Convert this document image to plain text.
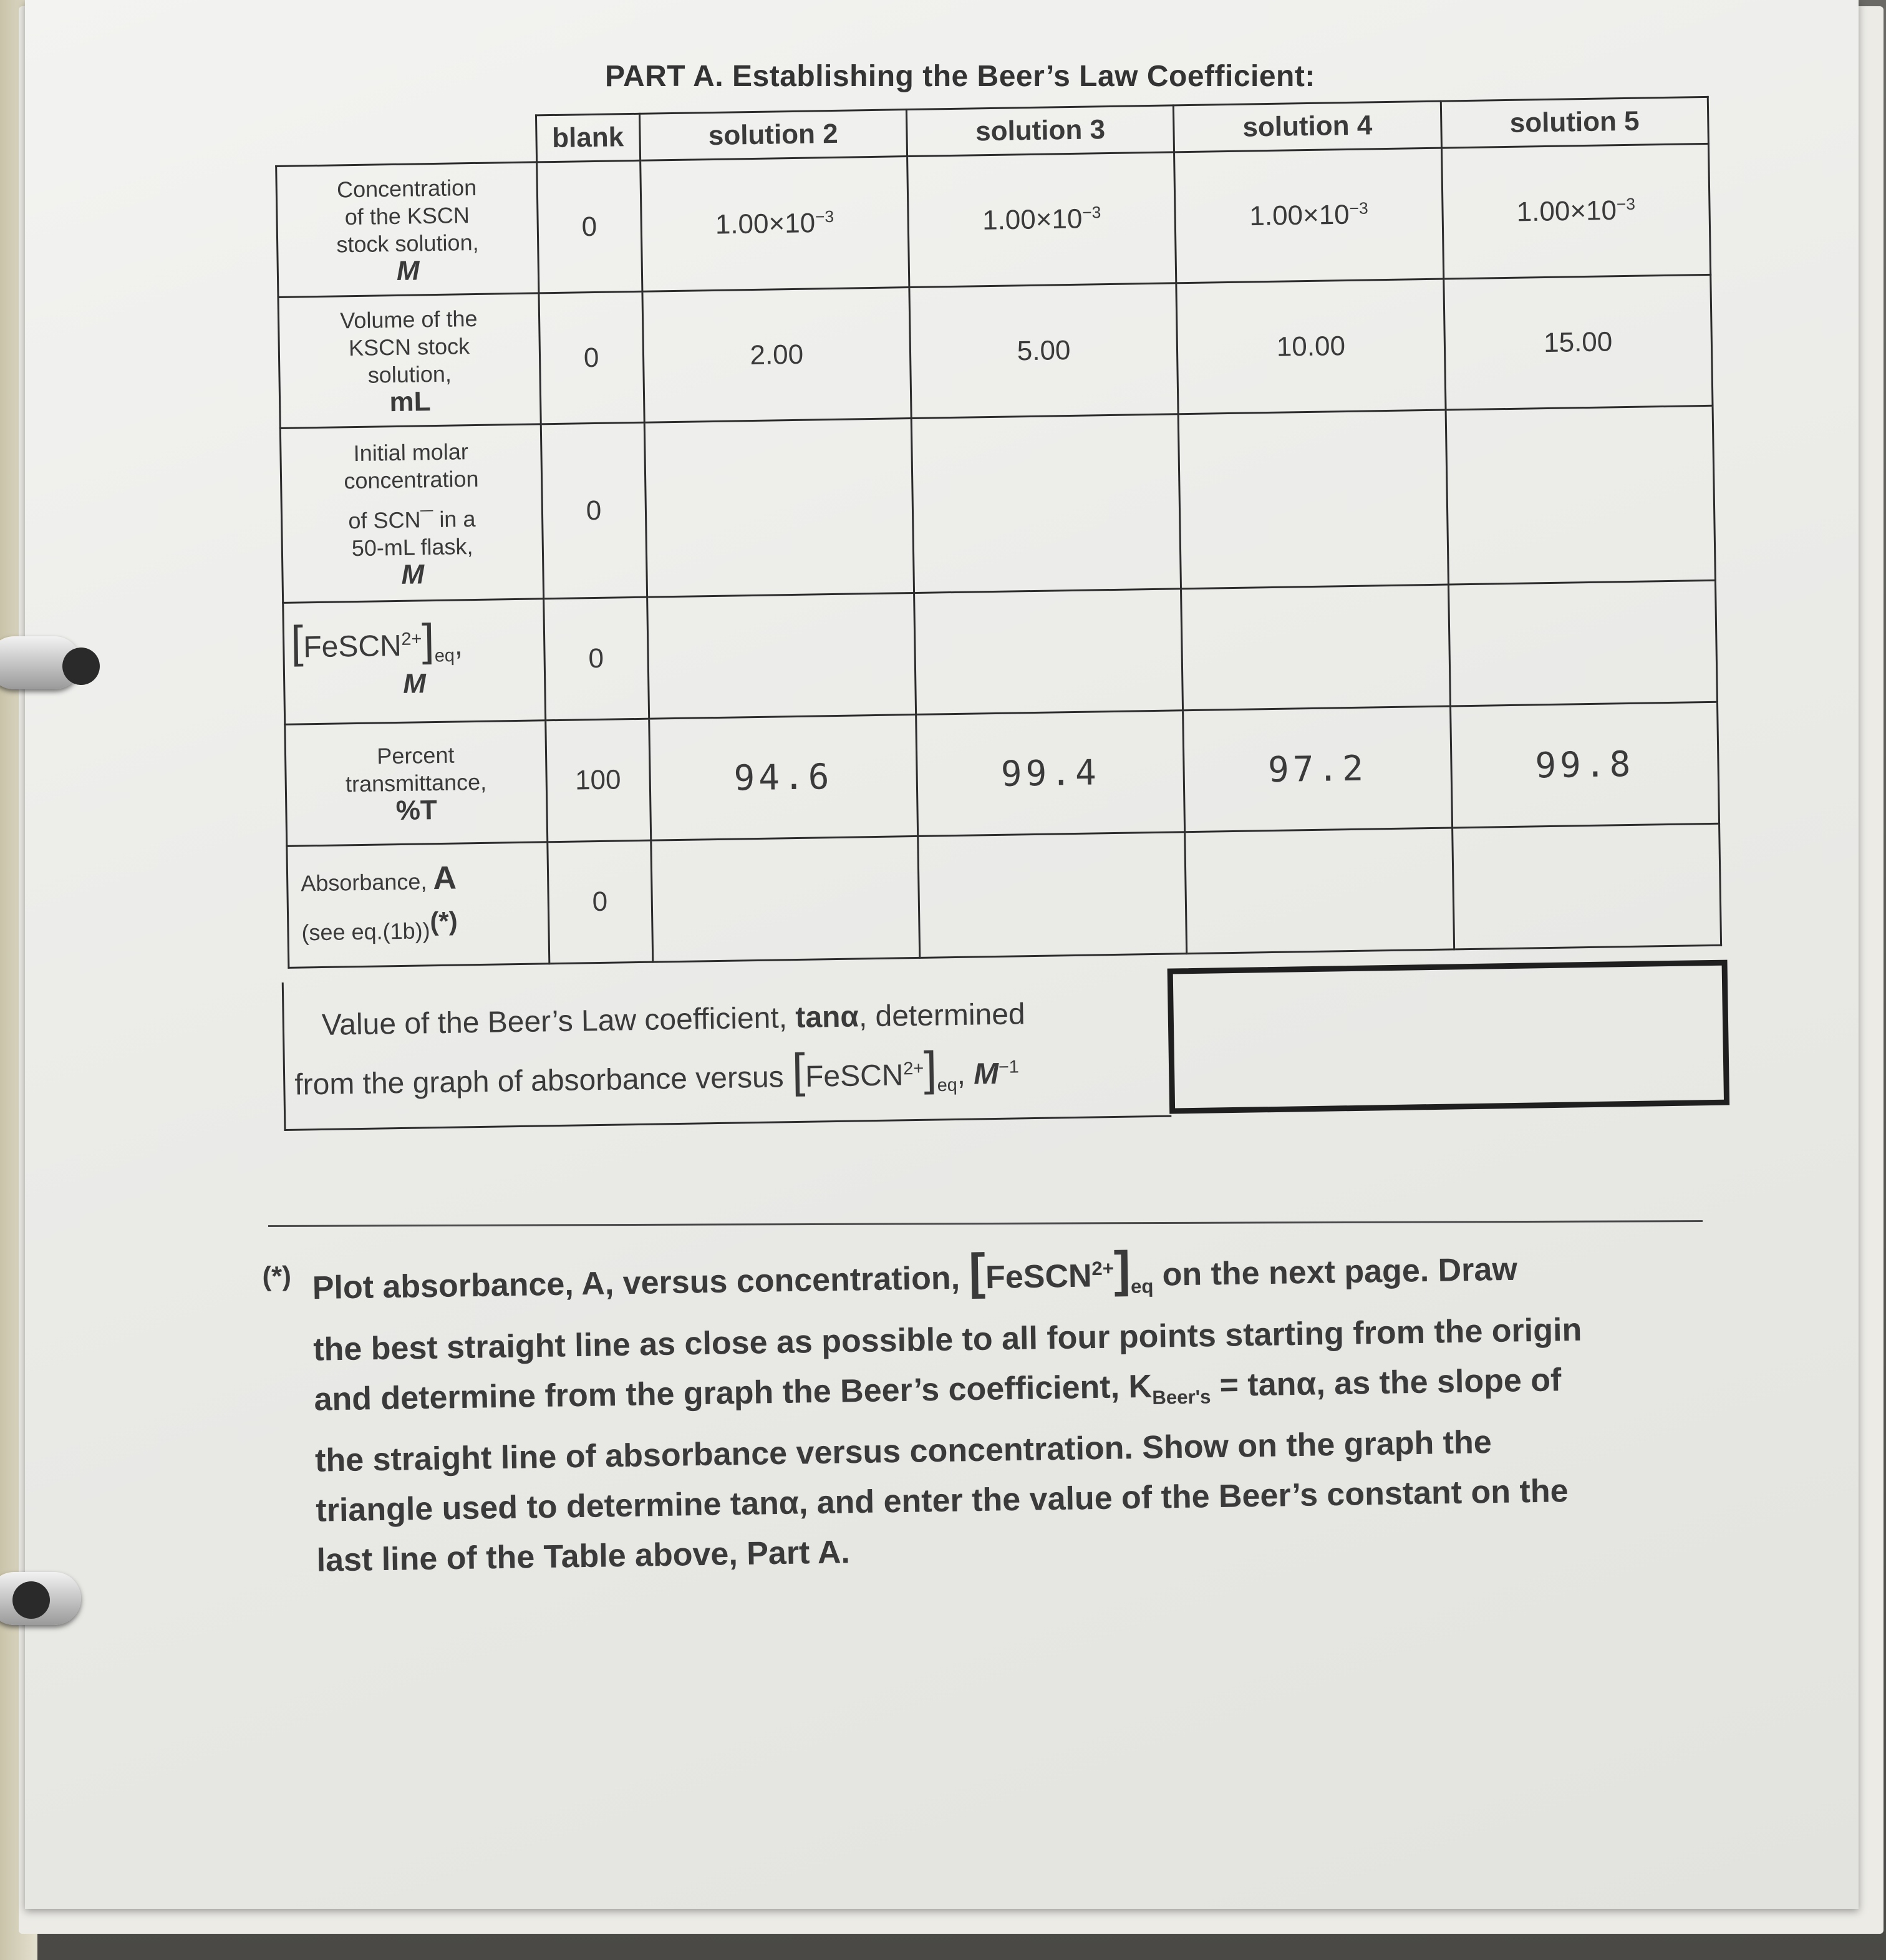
PART A. Establishing the Beer’s Law Coefficient:
	blank	solution 2	solution 3	solution 4	solution 5

Concentration
of the KSCN
stock solution,
M	0	$1.00\times 10^{-3}$	$1.00\times 10^{-3}$	$1.00\times 10^{-3}$	$1.00\times 10^{-3}$

Volume of the
KSCN stock
solution,
mL	0	2.00	5.00	10.00	15.00

Initial molar
concentration
of SCN¯ in a
50-mL flask,
M	0				

$[FeSCN^{2+}]_{eq}$,
M	0				

Percent
transmittance,
%T	100	94.6	99.4	97.2	99.8

Absorbance, A
(see eq.(1b))(*)	0				
Value of the Beer’s Law coefficient, tanα, determined
from the graph of absorbance versus $[FeSCN^{2+}]_{eq}$, $M^{-1}$
(*) Plot absorbance, A, versus concentration, $[FeSCN^{2+}]_{eq}$ on the next page. Draw
the best straight line as close as possible to all four points starting from the origin
and determine from the graph the Beer’s coefficient, $K_{Beer's} = \tan\alpha$, as the slope of
the straight line of absorbance versus concentration. Show on the graph the
triangle used to determine tanα, and enter the value of the Beer’s constant on the
last line of the Table above, Part A.
